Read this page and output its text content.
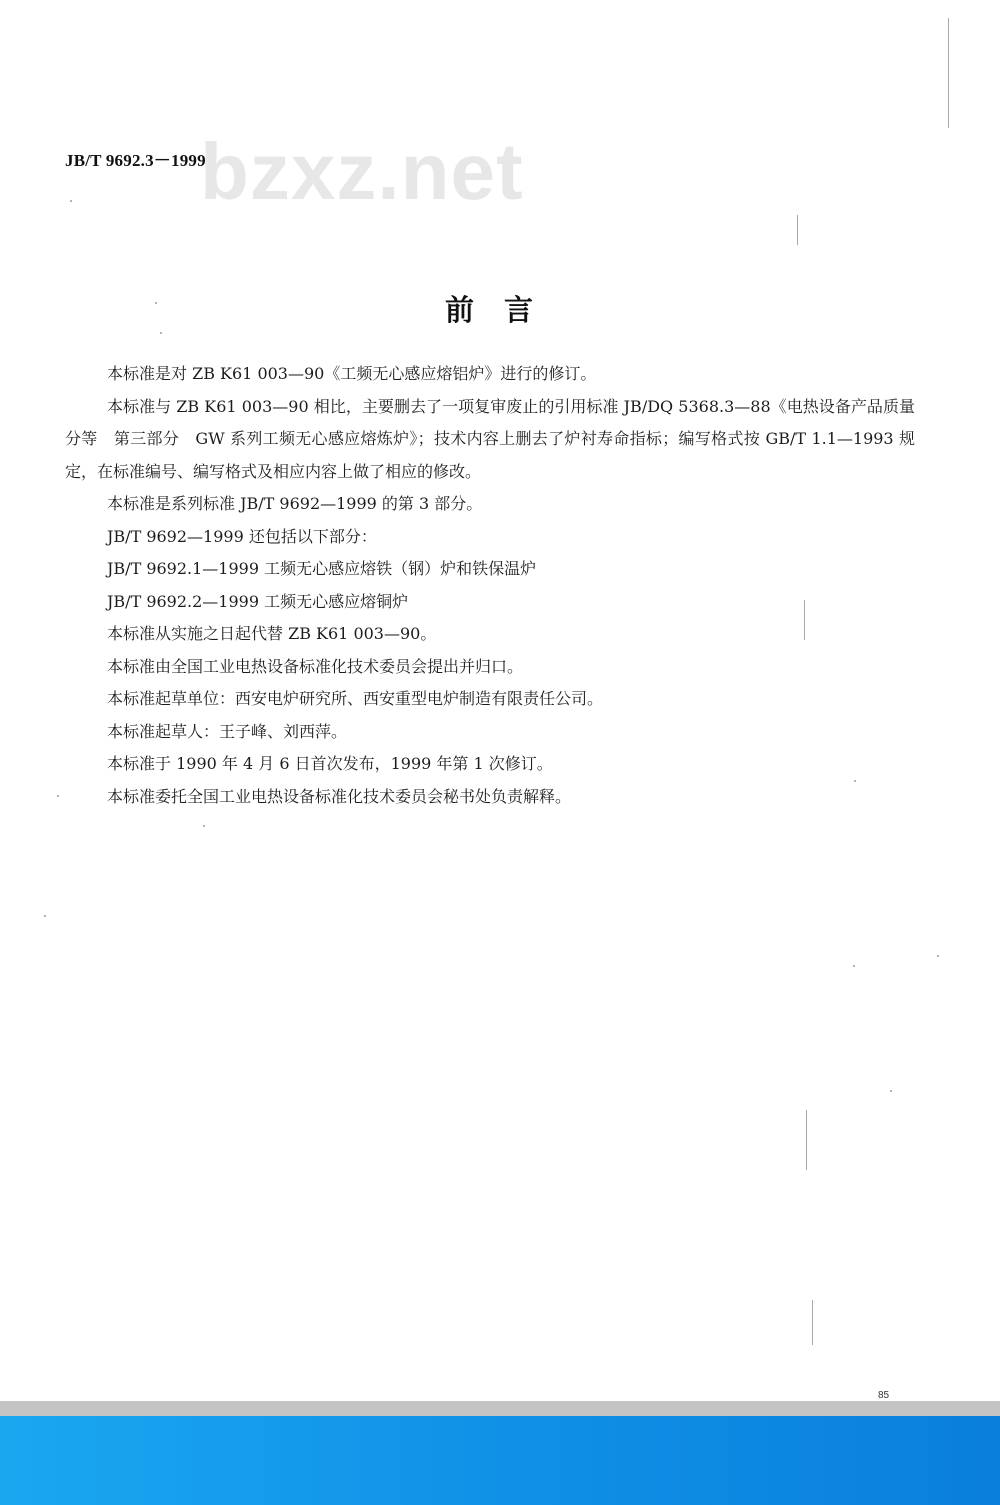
bzxz.net
JB/T 9692.3－1999
前言

本标准是对 ZB K61 003—90《工频无心感应熔铝炉》进行的修订。

本标准与 ZB K61 003—90 相比，主要删去了一项复审废止的引用标准 JB/DQ 5368.3—88《电热设备产品质量分等　第三部分　GW 系列工频无心感应熔炼炉》；技术内容上删去了炉衬寿命指标；编写格式按 GB/T 1.1—1993 规定，在标准编号、编写格式及相应内容上做了相应的修改。

本标准是系列标准 JB/T 9692—1999 的第 3 部分。

JB/T 9692—1999 还包括以下部分：

JB/T 9692.1—1999 工频无心感应熔铁（钢）炉和铁保温炉

JB/T 9692.2—1999 工频无心感应熔铜炉

本标准从实施之日起代替 ZB K61 003—90。

本标准由全国工业电热设备标准化技术委员会提出并归口。

本标准起草单位：西安电炉研究所、西安重型电炉制造有限责任公司。

本标准起草人：王子峰、刘西萍。

本标准于 1990 年 4 月 6 日首次发布，1999 年第 1 次修订。

本标准委托全国工业电热设备标准化技术委员会秘书处负责解释。

85
